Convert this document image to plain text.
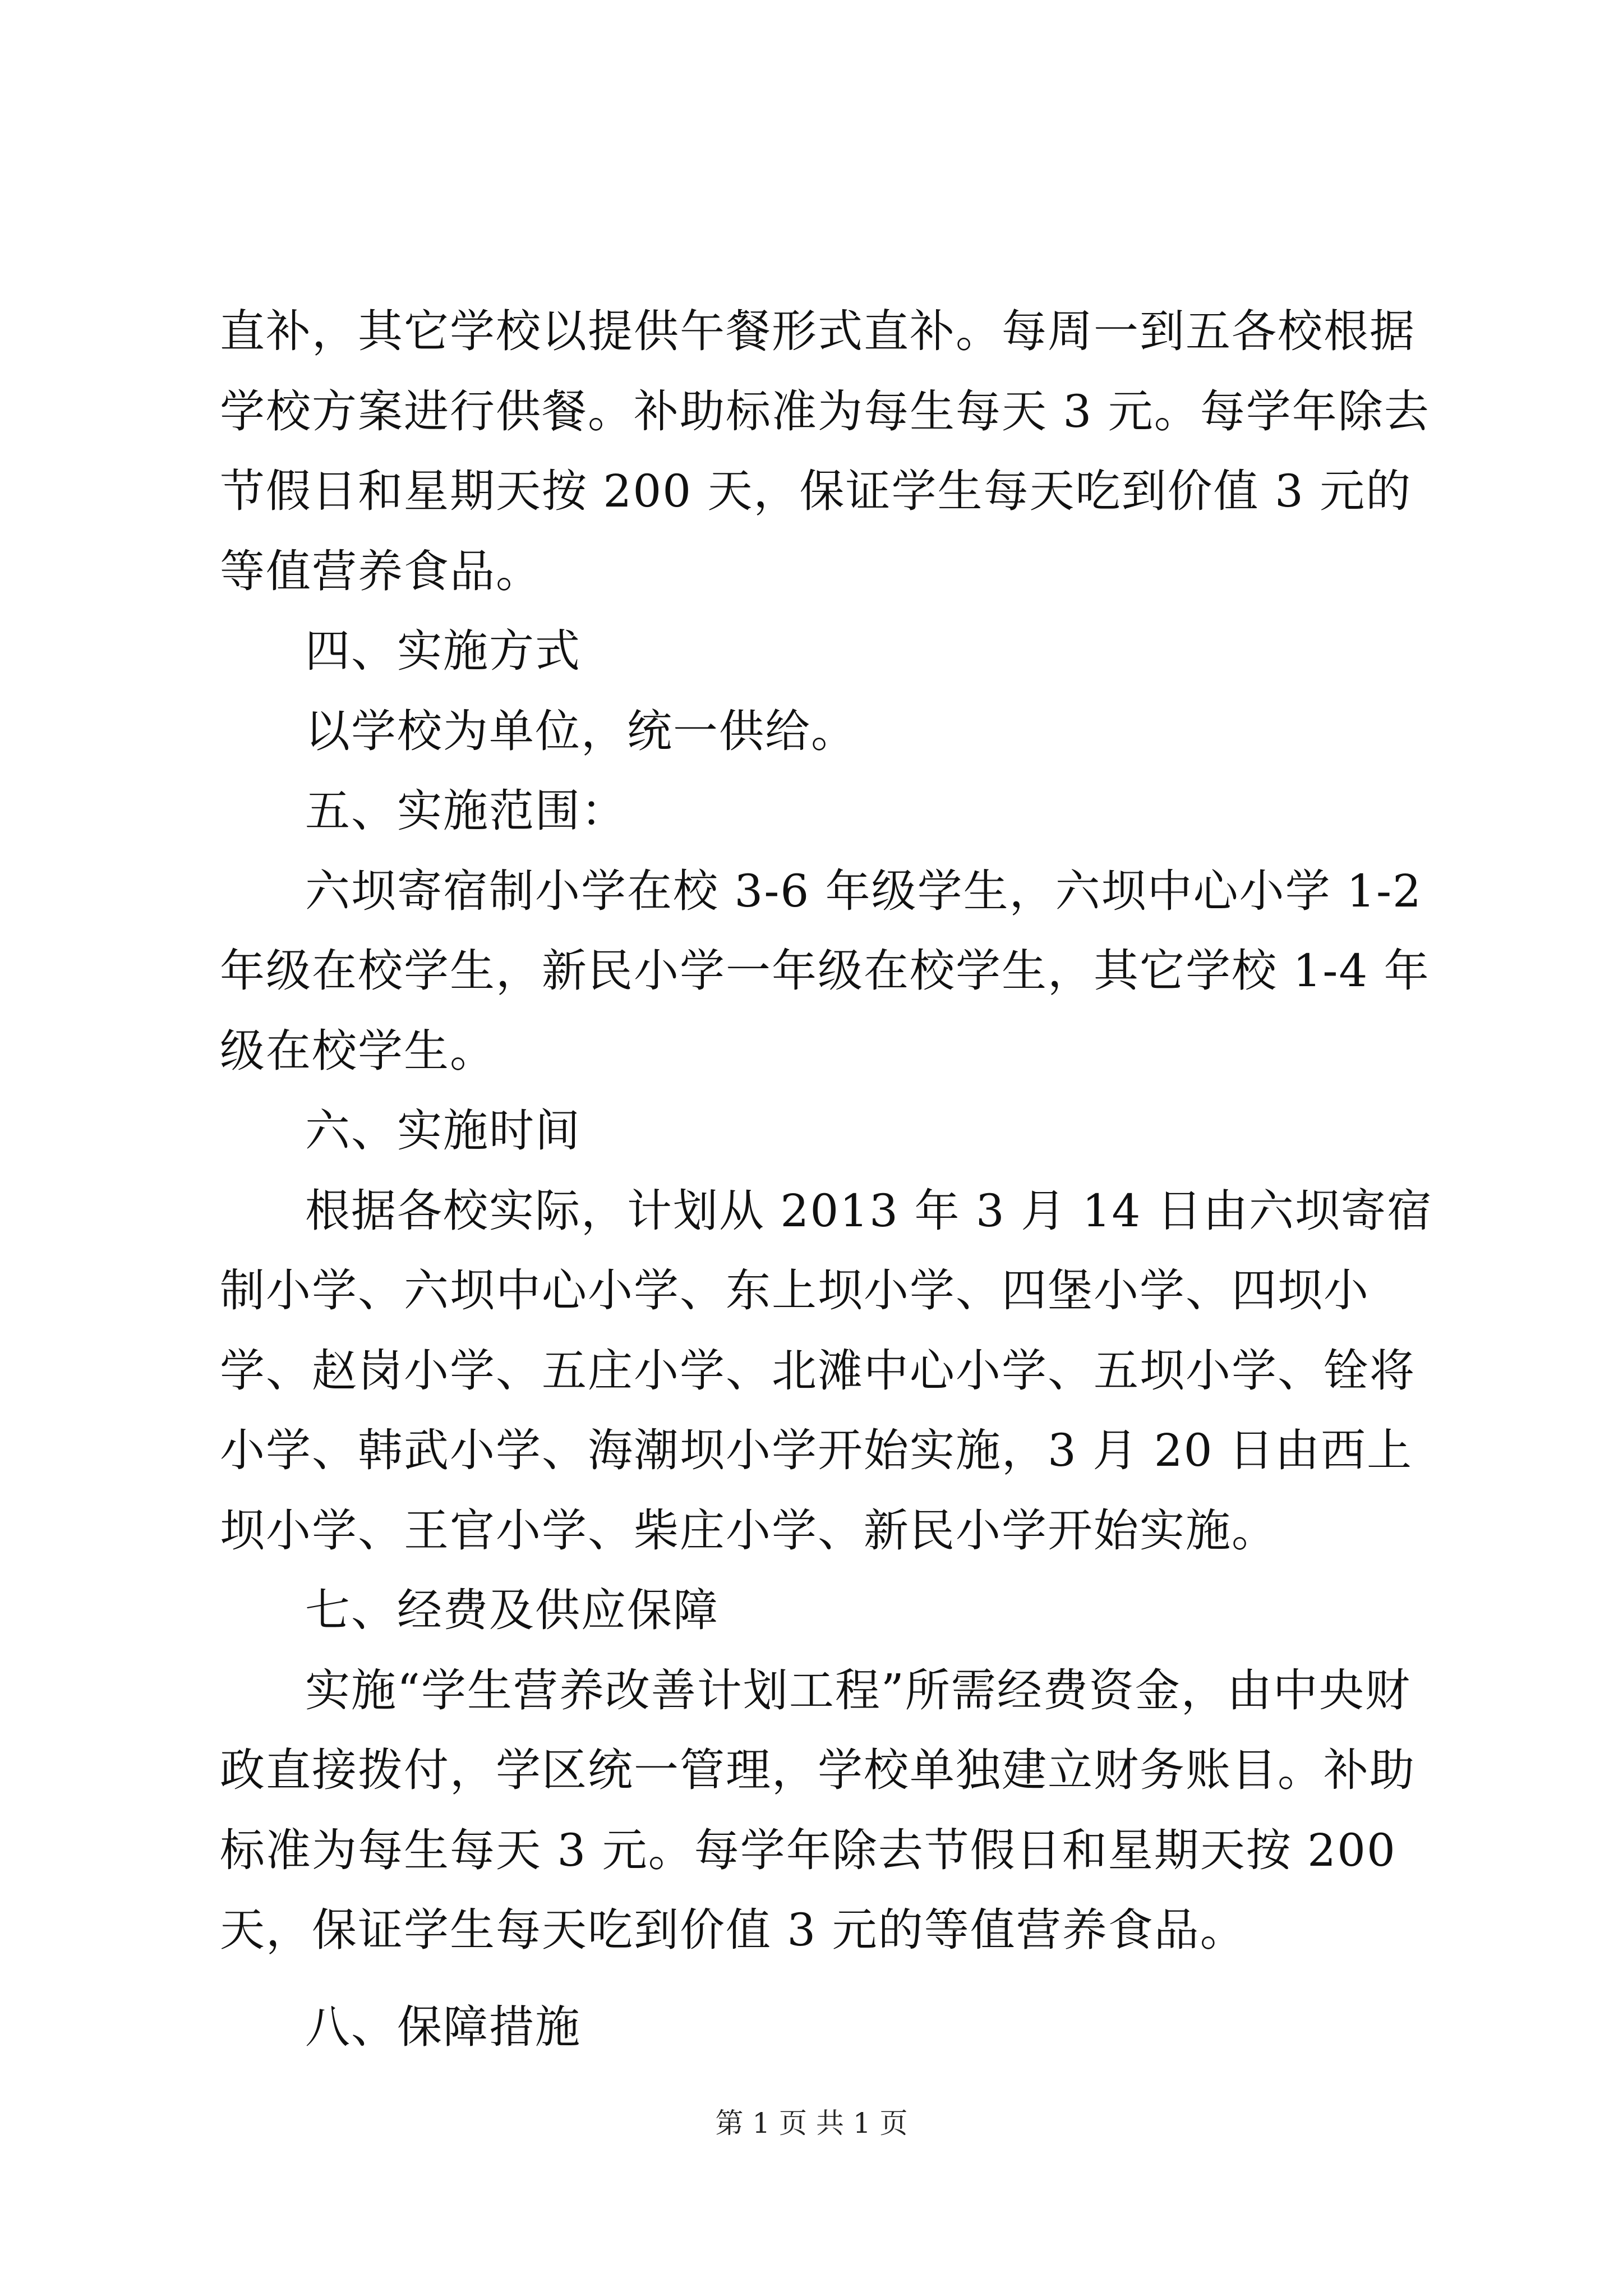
直补，其它学校以提供午餐形式直补。每周一到五各校根据学校方案进行供餐。补助标准为每生每天 3 元。每学年除去节假日和星期天按 200 天，保证学生每天吃到价值 3 元的等值营养食品。

四、实施方式

以学校为单位，统一供给。

五、实施范围：

六坝寄宿制小学在校 3-6 年级学生，六坝中心小学 1-2 年级在校学生，新民小学一年级在校学生，其它学校 1-4 年级在校学生。

六、实施时间

根据各校实际，计划从 2013 年 3 月 14 日由六坝寄宿制小学、六坝中心小学、东上坝小学、四堡小学、四坝小学、赵岗小学、五庄小学、北滩中心小学、五坝小学、铨将小学、韩武小学、海潮坝小学开始实施，3 月 20 日由西上坝小学、王官小学、柴庄小学、新民小学开始实施。

七、经费及供应保障

实施“学生营养改善计划工程”所需经费资金，由中央财政直接拨付，学区统一管理，学校单独建立财务账目。补助标准为每生每天 3 元。每学年除去节假日和星期天按 200 天，保证学生每天吃到价值 3 元的等值营养食品。

八、保障措施

第 1 页 共 1 页
